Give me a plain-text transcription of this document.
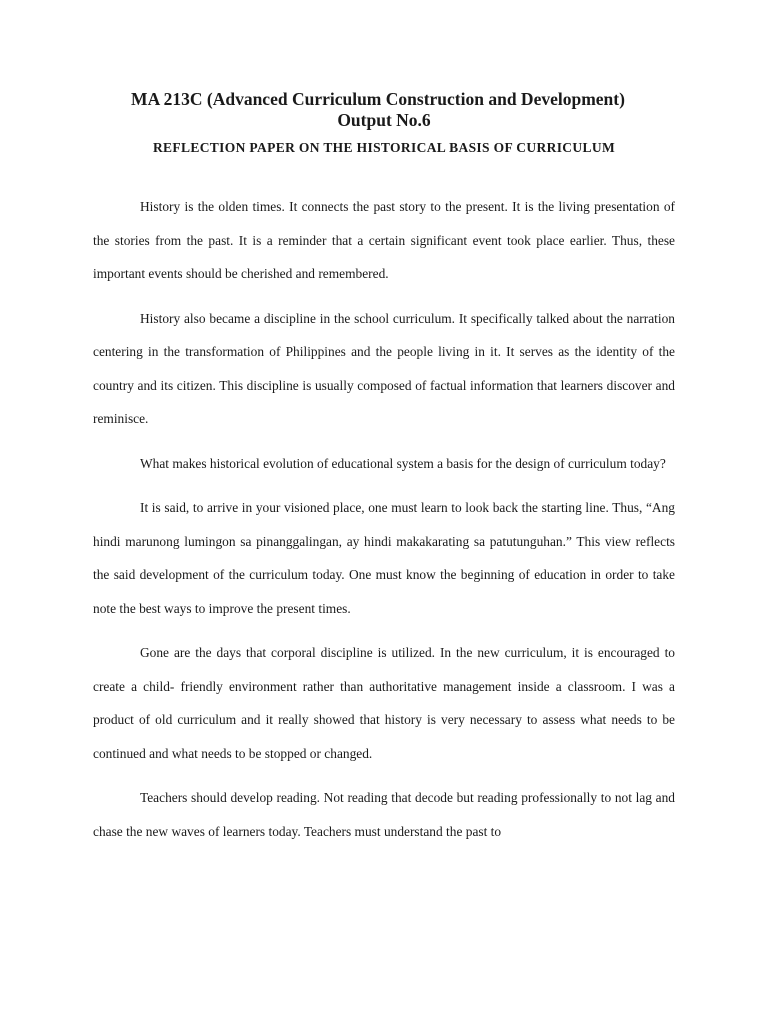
MA 213C (Advanced Curriculum Construction and Development)
Output No.6
REFLECTION PAPER ON THE HISTORICAL BASIS OF CURRICULUM

History is the olden times. It connects the past story to the present. It is the living presentation of the stories from the past. It is a reminder that a certain significant event took place earlier. Thus, these important events should be cherished and remembered.

History also became a discipline in the school curriculum. It specifically talked about the narration centering in the transformation of Philippines and the people living in it. It serves as the identity of the country and its citizen. This discipline is usually composed of factual information that learners discover and reminisce.

What makes historical evolution of educational system a basis for the design of curriculum today?

It is said, to arrive in your visioned place, one must learn to look back the starting line. Thus, “Ang hindi marunong lumingon sa pinanggalingan, ay hindi makakarating sa patutunguhan.” This view reflects the said development of the curriculum today. One must know the beginning of education in order to take note the best ways to improve the present times.

Gone are the days that corporal discipline is utilized. In the new curriculum, it is encouraged to create a child- friendly environment rather than authoritative management inside a classroom. I was a product of old curriculum and it really showed that history is very necessary to assess what needs to be continued and what needs to be stopped or changed.

Teachers should develop reading. Not reading that decode but reading professionally to not lag and chase the new waves of learners today. Teachers must understand the past to
